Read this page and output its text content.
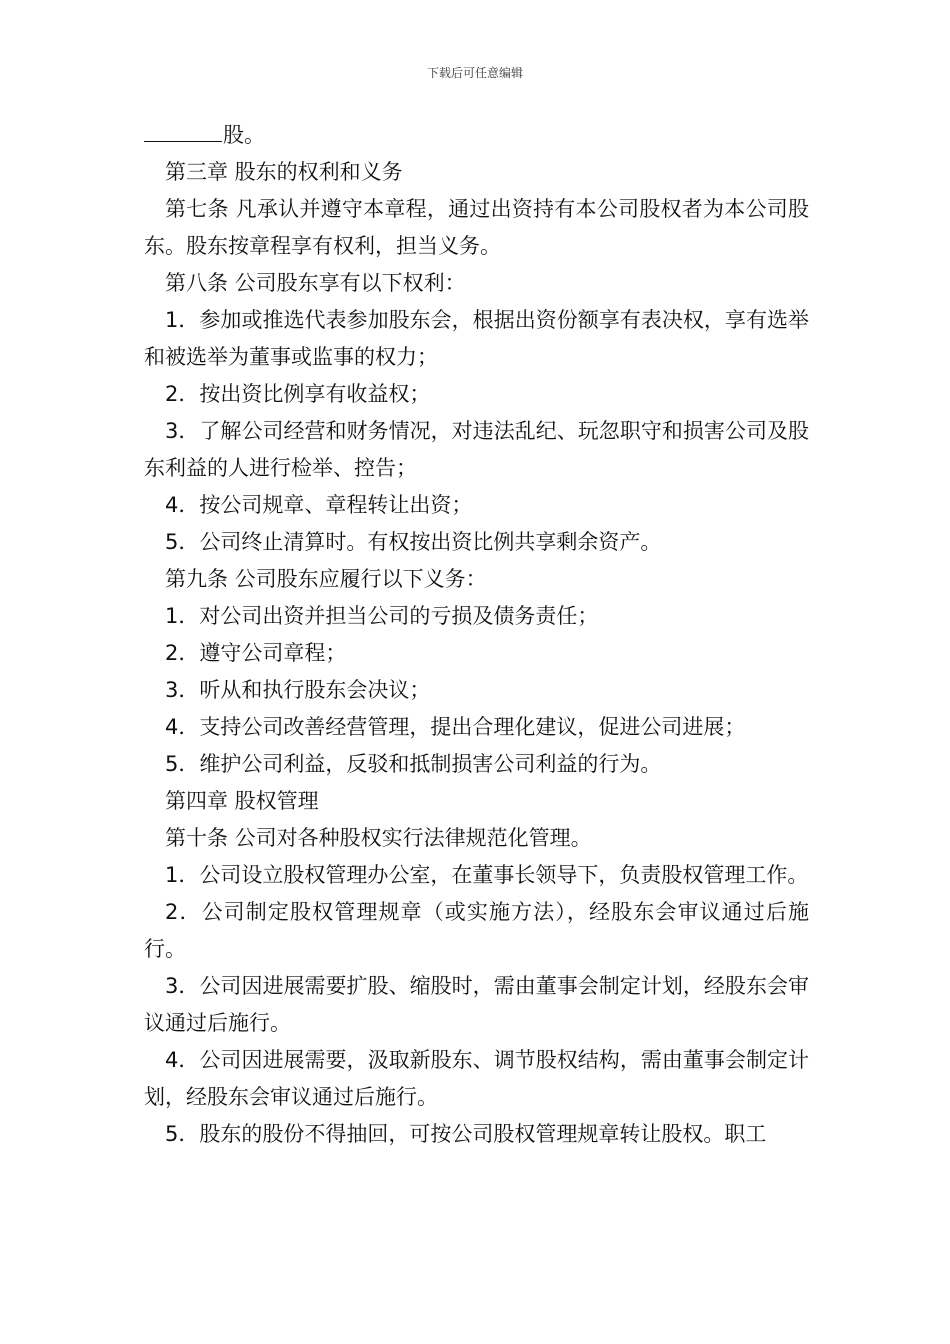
下载后可任意编辑

股。

第三章 股东的权利和义务

第七条 凡承认并遵守本章程，通过出资持有本公司股权者为本公司股东。股东按章程享有权利，担当义务。

第八条 公司股东享有以下权利：

1．参加或推选代表参加股东会，根据出资份额享有表决权，享有选举和被选举为董事或监事的权力；

2．按出资比例享有收益权；

3．了解公司经营和财务情况，对违法乱纪、玩忽职守和损害公司及股东利益的人进行检举、控告；

4．按公司规章、章程转让出资；

5．公司终止清算时。有权按出资比例共享剩余资产。

第九条 公司股东应履行以下义务：

1．对公司出资并担当公司的亏损及债务责任；

2．遵守公司章程；

3．听从和执行股东会决议；

4．支持公司改善经营管理，提出合理化建议，促进公司进展；

5．维护公司利益，反驳和抵制损害公司利益的行为。

第四章 股权管理

第十条 公司对各种股权实行法律规范化管理。

1．公司设立股权管理办公室，在董事长领导下，负责股权管理工作。

2．公司制定股权管理规章（或实施方法），经股东会审议通过后施行。

3．公司因进展需要扩股、缩股时，需由董事会制定计划，经股东会审议通过后施行。

4．公司因进展需要，汲取新股东、调节股权结构，需由董事会制定计划，经股东会审议通过后施行。

5．股东的股份不得抽回，可按公司股权管理规章转让股权。职工
